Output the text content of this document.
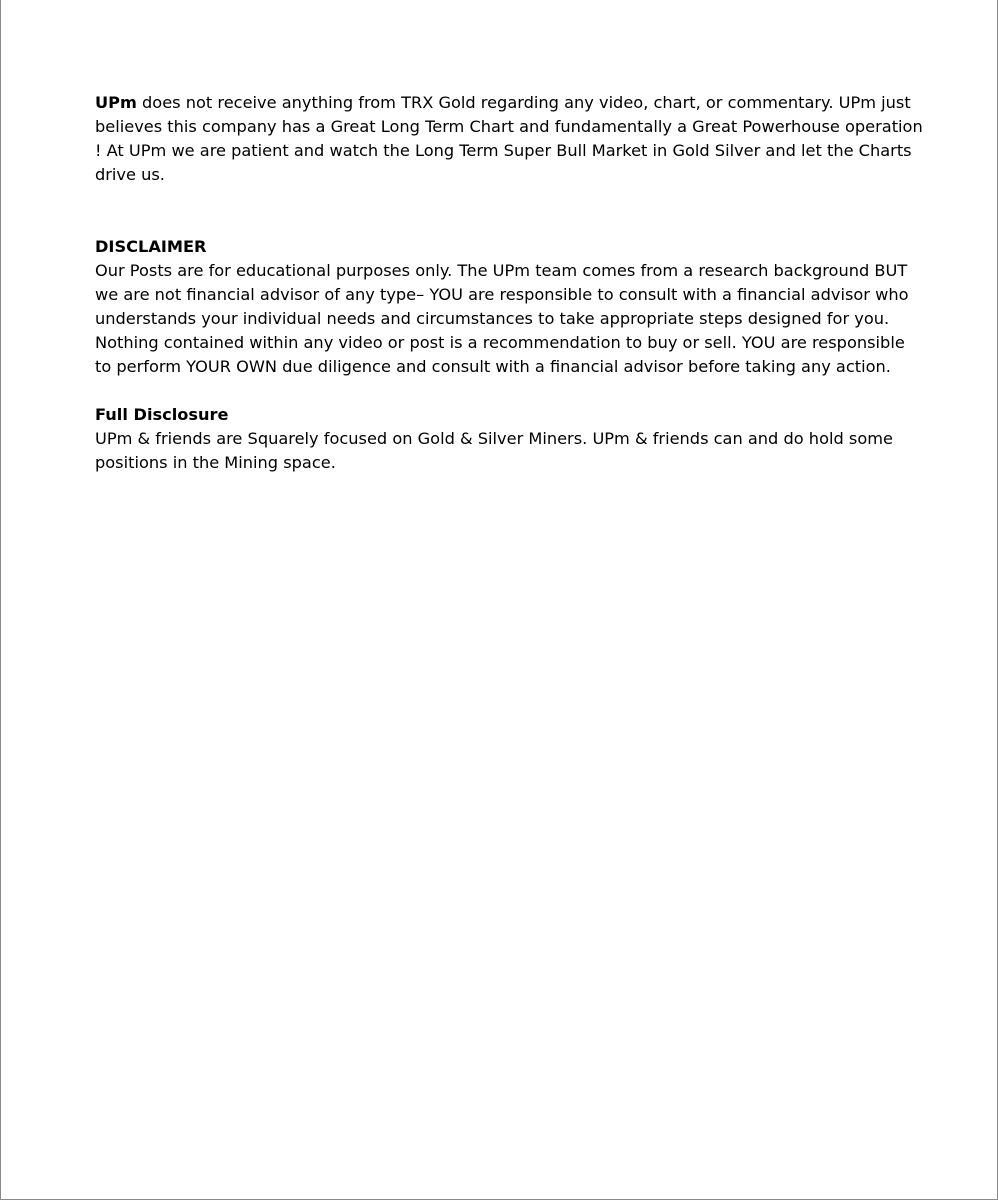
UPm does not receive anything from TRX Gold regarding any video, chart, or commentary. UPm just believes this company has a Great Long Term Chart and fundamentally a Great Powerhouse operation ! At UPm we are patient and watch the Long Term Super Bull Market in Gold Silver and let the Charts drive us.

DISCLAIMER

Our Posts are for educational purposes only. The UPm team comes from a research background BUT we are not financial advisor of any type– YOU are responsible to consult with a financial advisor who understands your individual needs and circumstances to take appropriate steps designed for you. Nothing contained within any video or post is a recommendation to buy or sell. YOU are responsible to perform YOUR OWN due diligence and consult with a financial advisor before taking any action.

Full Disclosure

UPm & friends are Squarely focused on Gold & Silver Miners. UPm & friends can and do hold some positions in the Mining space.
